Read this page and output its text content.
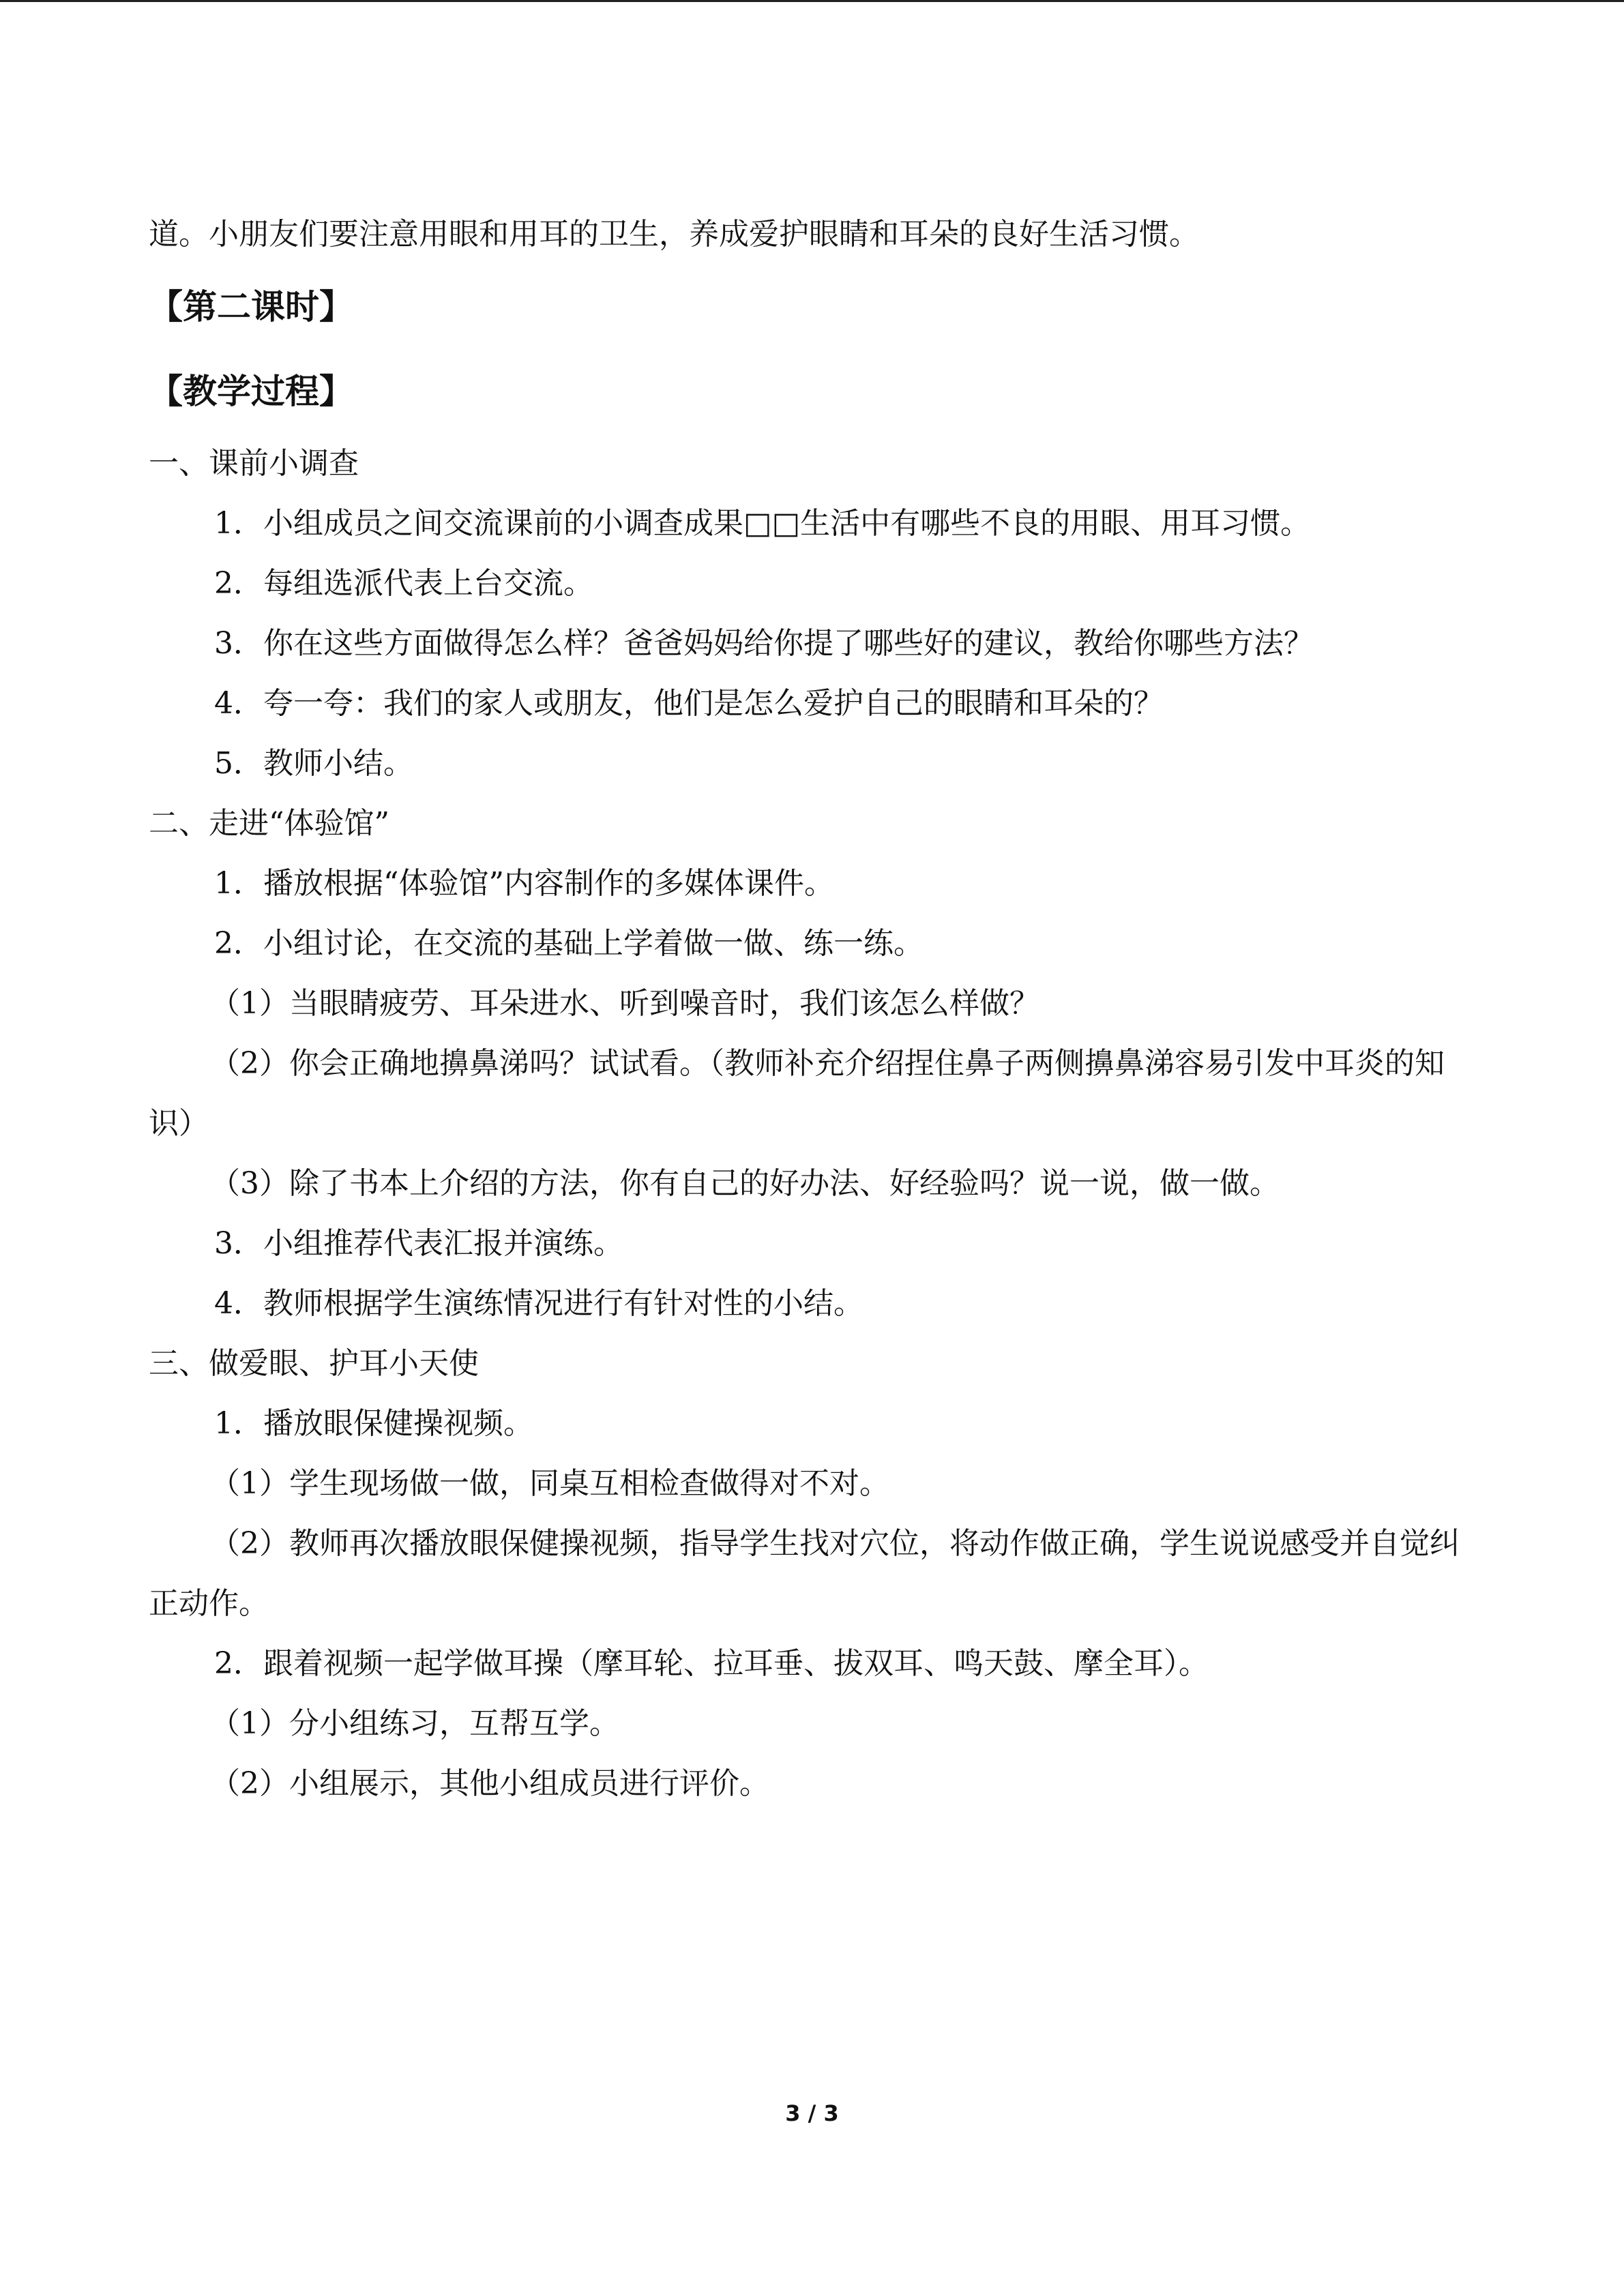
道。小朋友们要注意用眼和用耳的卫生，养成爱护眼睛和耳朵的良好生活习惯。
【第二课时】
【教学过程】
一、课前小调查
1．小组成员之间交流课前的小调查成果□□生活中有哪些不良的用眼、用耳习惯。
2．每组选派代表上台交流。
3．你在这些方面做得怎么样？爸爸妈妈给你提了哪些好的建议，教给你哪些方法？
4．夸一夸：我们的家人或朋友，他们是怎么爱护自己的眼睛和耳朵的？
5．教师小结。
二、走进“体验馆”
1．播放根据“体验馆”内容制作的多媒体课件。
2．小组讨论，在交流的基础上学着做一做、练一练。
（1）当眼睛疲劳、耳朵进水、听到噪音时，我们该怎么样做？
（2）你会正确地擤鼻涕吗？试试看。（教师补充介绍捏住鼻子两侧擤鼻涕容易引发中耳炎的知识）
（3）除了书本上介绍的方法，你有自己的好办法、好经验吗？说一说，做一做。
3．小组推荐代表汇报并演练。
4．教师根据学生演练情况进行有针对性的小结。
三、做爱眼、护耳小天使
1．播放眼保健操视频。
（1）学生现场做一做，同桌互相检查做得对不对。
（2）教师再次播放眼保健操视频，指导学生找对穴位，将动作做正确，学生说说感受并自觉纠正动作。
2．跟着视频一起学做耳操（摩耳轮、拉耳垂、拔双耳、鸣天鼓、摩全耳）。
（1）分小组练习，互帮互学。
（2）小组展示，其他小组成员进行评价。
3 / 3
